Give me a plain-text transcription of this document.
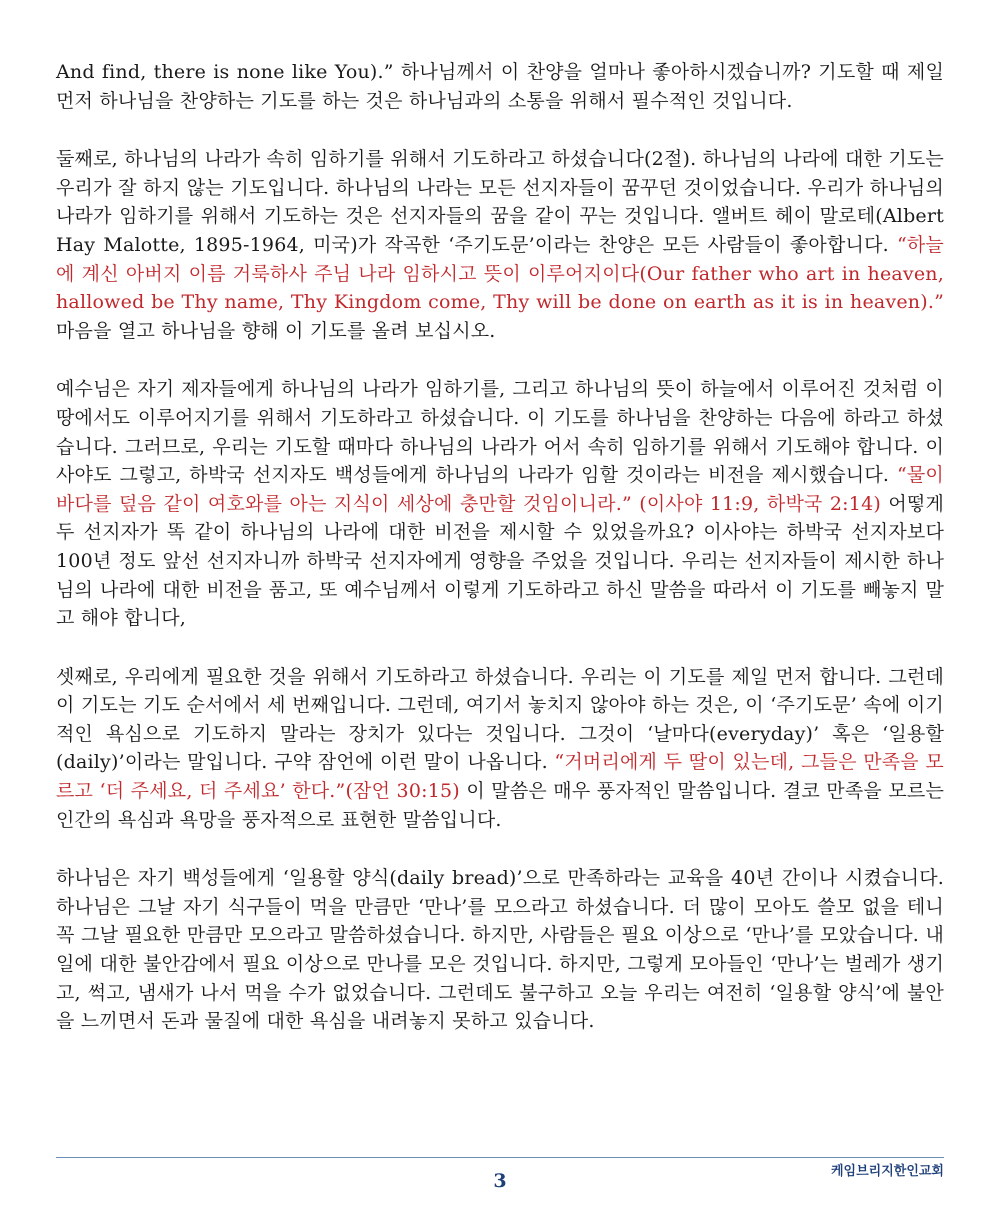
And find, there is none like You).” 하나님께서 이 찬양을 얼마나 좋아하시겠습니까? 기도할 때 제일 먼저 하나님을 찬양하는 기도를 하는 것은 하나님과의 소통을 위해서 필수적인 것입니다.

둘째로, 하나님의 나라가 속히 임하기를 위해서 기도하라고 하셨습니다(2절). 하나님의 나라에 대한 기도는 우리가 잘 하지 않는 기도입니다. 하나님의 나라는 모든 선지자들이 꿈꾸던 것이었습니다. 우리가 하나님의 나라가 임하기를 위해서 기도하는 것은 선지자들의 꿈을 같이 꾸는 것입니다. 앨버트 헤이 말로테(Albert Hay Malotte, 1895-1964, 미국)가 작곡한 ‘주기도문’이라는 찬양은 모든 사람들이 좋아합니다. “하늘에 계신 아버지 이름 거룩하사 주님 나라 임하시고 뜻이 이루어지이다(Our father who art in heaven, hallowed be Thy name, Thy Kingdom come, Thy will be done on earth as it is in heaven).” 마음을 열고 하나님을 향해 이 기도를 올려 보십시오.

예수님은 자기 제자들에게 하나님의 나라가 임하기를, 그리고 하나님의 뜻이 하늘에서 이루어진 것처럼 이 땅에서도 이루어지기를 위해서 기도하라고 하셨습니다. 이 기도를 하나님을 찬양하는 다음에 하라고 하셨습니다. 그러므로, 우리는 기도할 때마다 하나님의 나라가 어서 속히 임하기를 위해서 기도해야 합니다. 이사야도 그렇고, 하박국 선지자도 백성들에게 하나님의 나라가 임할 것이라는 비전을 제시했습니다. “물이 바다를 덮음 같이 여호와를 아는 지식이 세상에 충만할 것임이니라.” (이사야 11:9, 하박국 2:14) 어떻게 두 선지자가 똑 같이 하나님의 나라에 대한 비전을 제시할 수 있었을까요? 이사야는 하박국 선지자보다 100년 정도 앞선 선지자니까 하박국 선지자에게 영향을 주었을 것입니다. 우리는 선지자들이 제시한 하나님의 나라에 대한 비전을 품고, 또 예수님께서 이렇게 기도하라고 하신 말씀을 따라서 이 기도를 빼놓지 말고 해야 합니다,

셋째로, 우리에게 필요한 것을 위해서 기도하라고 하셨습니다. 우리는 이 기도를 제일 먼저 합니다. 그런데 이 기도는 기도 순서에서 세 번째입니다. 그런데, 여기서 놓치지 않아야 하는 것은, 이 ‘주기도문’ 속에 이기적인 욕심으로 기도하지 말라는 장치가 있다는 것입니다. 그것이 ‘날마다(everyday)’ 혹은 ‘일용할(daily)’이라는 말입니다. 구약 잠언에 이런 말이 나옵니다. “거머리에게 두 딸이 있는데, 그들은 만족을 모르고 ‘더 주세요, 더 주세요’ 한다.”(잠언 30:15) 이 말씀은 매우 풍자적인 말씀입니다. 결코 만족을 모르는 인간의 욕심과 욕망을 풍자적으로 표현한 말씀입니다.

하나님은 자기 백성들에게 ‘일용할 양식(daily bread)’으로 만족하라는 교육을 40년 간이나 시켰습니다. 하나님은 그날 자기 식구들이 먹을 만큼만 ‘만나’를 모으라고 하셨습니다. 더 많이 모아도 쓸모 없을 테니 꼭 그날 필요한 만큼만 모으라고 말씀하셨습니다. 하지만, 사람들은 필요 이상으로 ‘만나’를 모았습니다. 내일에 대한 불안감에서 필요 이상으로 만나를 모은 것입니다. 하지만, 그렇게 모아들인 ‘만나’는 벌레가 생기고, 썩고, 냄새가 나서 먹을 수가 없었습니다. 그런데도 불구하고 오늘 우리는 여전히 ‘일용할 양식’에 불안을 느끼면서 돈과 물질에 대한 욕심을 내려놓지 못하고 있습니다.

케임브리지한인교회
3
